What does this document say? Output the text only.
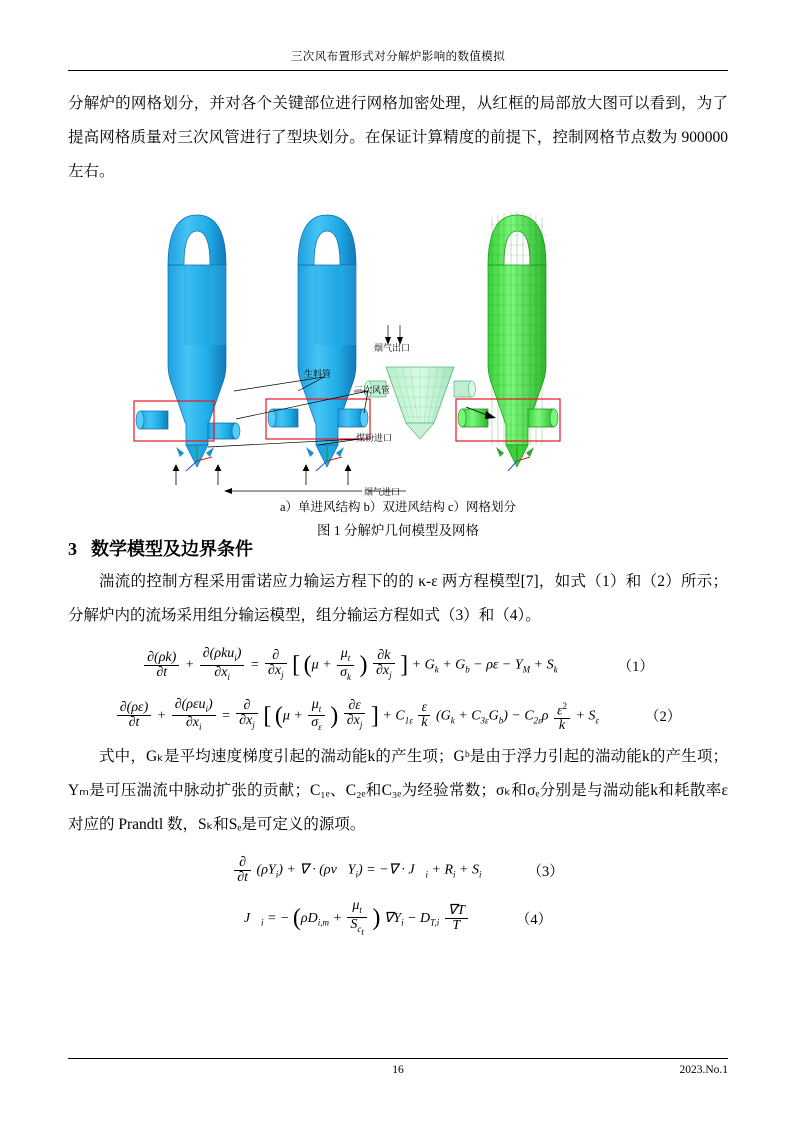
三次风布置形式对分解炉影响的数值模拟

分解炉的网格划分，并对各个关键部位进行网格加密处理，从红框的局部放大图可以看到，为了提高网格质量对三次风管进行了型块划分。在保证计算精度的前提下，控制网格节点数为 900000 左右。

烟气出口
生料管
三次风管
煤粉进口
烟气进口
a）单进风结构 b）双进风结构 c）网格划分
图 1 分解炉几何模型及网格
3 数学模型及边界条件

湍流的控制方程采用雷诺应力输运方程下的的 κ-ε 两方程模型[7]，如式（1）和（2）所示；分解炉内的流场采用组分输运模型，组分输运方程如式（3）和（4）。

$\frac{\partial(\rho k)}{\partial t} + \frac{\partial(\rho ku_i)}{\partial x_i} = \frac{\partial}{\partial x_j}$ [ ($\mu + \frac{\mu_t}{\sigma_k}$ ) $\frac{\partial k}{\partial x_j}$ ] + $G_k + G_b - \rho\varepsilon - Y_M + S_k$	（1）
$\frac{\partial(\rho\varepsilon)}{\partial t} + \frac{\partial(\rho\varepsilon u_i)}{\partial x_i} = \frac{\partial}{\partial x_j}$ [ ($\mu + \frac{\mu_t}{\sigma_\varepsilon}$ ) $\frac{\partial\varepsilon}{\partial x_j}$ ] + $C_{1\varepsilon} \frac{\varepsilon}{k} (G_k + C_{3\varepsilon}G_b) - C_{2\varepsilon}\rho \frac{\varepsilon^2}{k} + S_\varepsilon$	（2）

式中，Gₖ是平均速度梯度引起的湍动能k的产生项；Gᵇ是由于浮力引起的湍动能k的产生项；Yₘ是可压湍流中脉动扩张的贡献；C₁ₑ、C₂ₑ和C₃ₑ为经验常数；σₖ和σₑ分别是与湍动能k和耗散率ε对应的 Prandtl 数，Sₖ和Sₑ是可定义的源项。

$\frac{\partial}{\partial t} (\rho Y_i)$ + ∇ · $(\rho v⃗Y_i)$ = −∇ · $J⃗_i + R_i + S_i$	（3）
$J⃗_i$ = − ($\rho D_{i,m} + \frac{\mu_t}{S_{ct}}$ ) $\nabla Y_i - D_{T,i} \frac{\nabla T}{T}$	（4）
16	2023.No.1
